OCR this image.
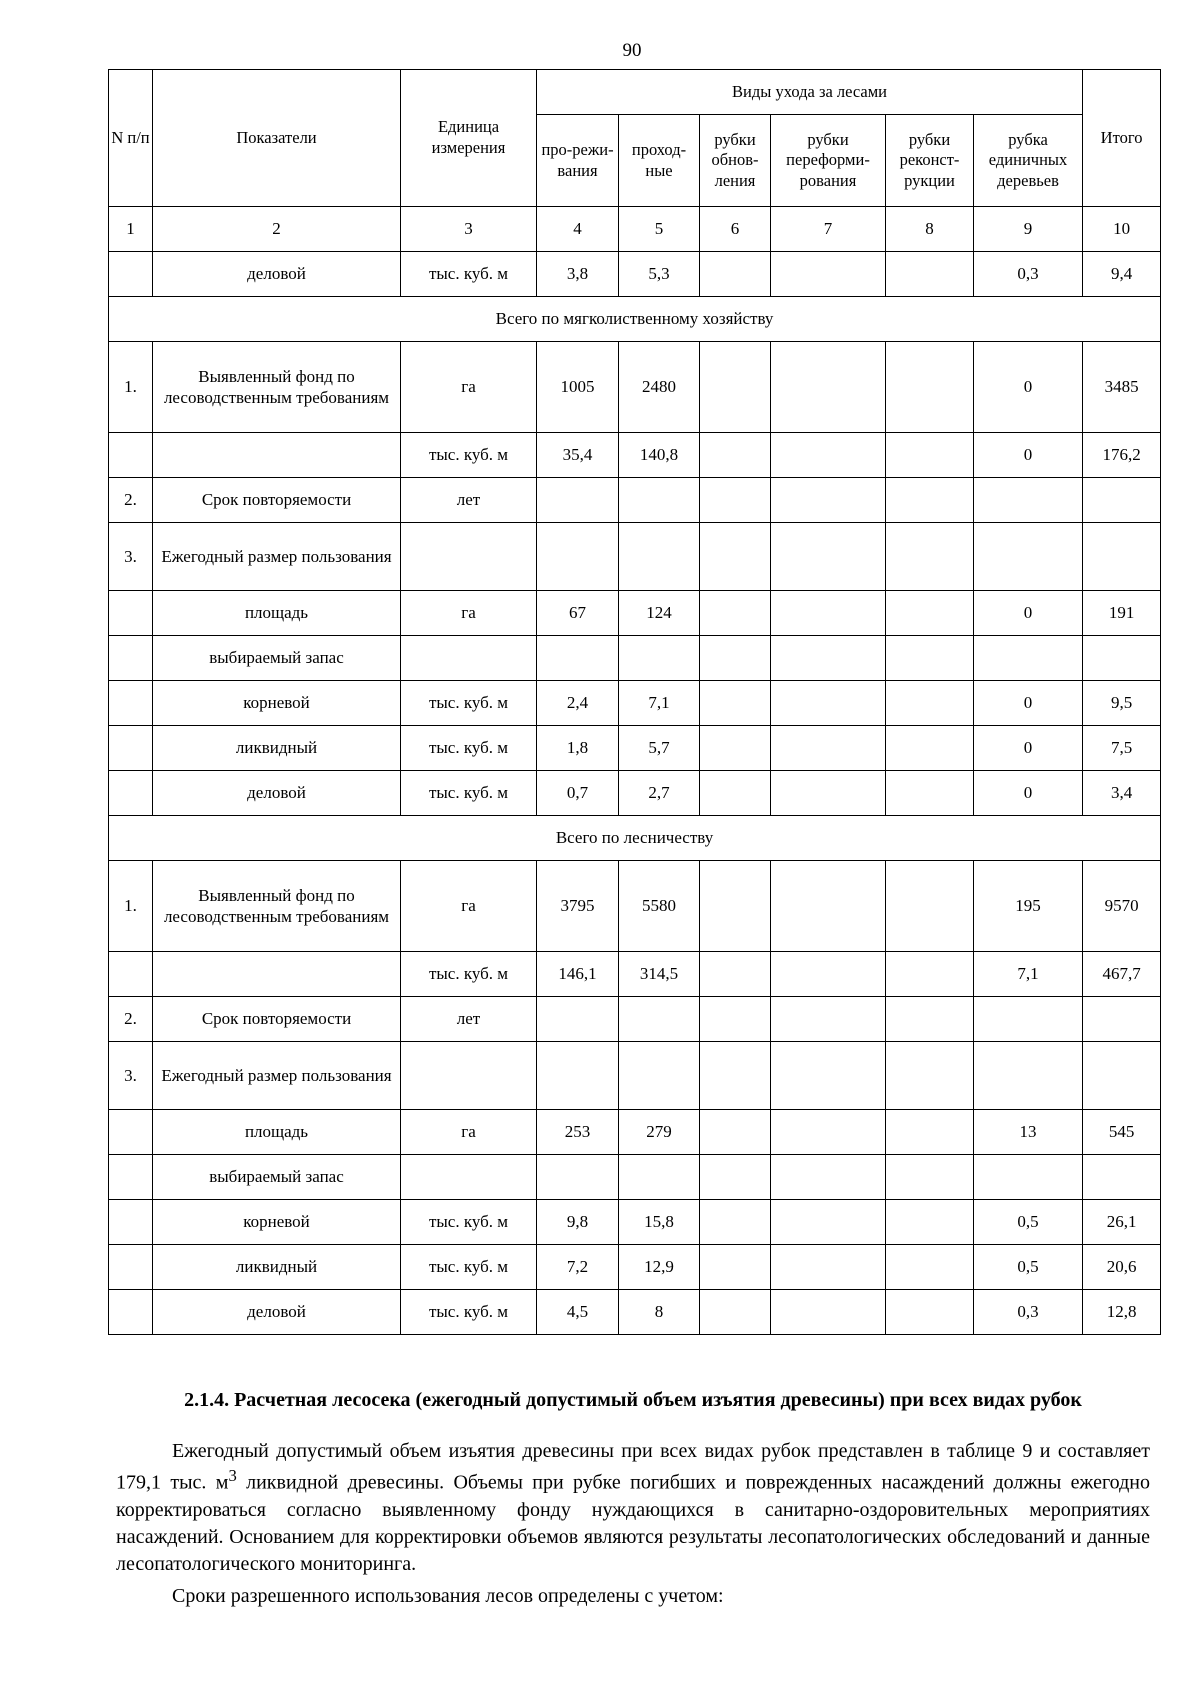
90
N п/п	Показатели	Единица измерения	Виды ухода за лесами						Итого
			про-режи-вания	проход-ные	рубки обнов-ления	рубки переформи-рования	рубки реконст-рукции	рубка единичных деревьев	
1	2	3	4	5	6	7	8	9	10
	деловой	тыс. куб. м	3,8	5,3				0,3	9,4
Всего по мягколиственному хозяйству									
1.	Выявленный фонд по лесоводственным требованиям	га	1005	2480				0	3485
		тыс. куб. м	35,4	140,8				0	176,2
2.	Срок повторяемости	лет							
3.	Ежегодный размер пользования								
	площадь	га	67	124				0	191
	выбираемый запас								
	корневой	тыс. куб. м	2,4	7,1				0	9,5
	ликвидный	тыс. куб. м	1,8	5,7				0	7,5
	деловой	тыс. куб. м	0,7	2,7				0	3,4
Всего по лесничеству									
1.	Выявленный фонд по лесоводственным требованиям	га	3795	5580				195	9570
		тыс. куб. м	146,1	314,5				7,1	467,7
2.	Срок повторяемости	лет							
3.	Ежегодный размер пользования								
	площадь	га	253	279				13	545
	выбираемый запас								
	корневой	тыс. куб. м	9,8	15,8				0,5	26,1
	ликвидный	тыс. куб. м	7,2	12,9				0,5	20,6
	деловой	тыс. куб. м	4,5	8				0,3	12,8
2.1.4. Расчетная лесосека (ежегодный допустимый объем изъятия древесины) при всех видах рубок
Ежегодный допустимый объем изъятия древесины при всех видах рубок представлен в таблице 9 и составляет 179,1 тыс. $м^3$ ликвидной древесины. Объемы при рубке погибших и поврежденных насаждений должны ежегодно корректироваться согласно выявленному фонду нуждающихся в санитарно-оздоровительных мероприятиях насаждений. Основанием для корректировки объемов являются результаты лесопатологических обследований и данные лесопатологического мониторинга.
Сроки разрешенного использования лесов определены с учетом:
